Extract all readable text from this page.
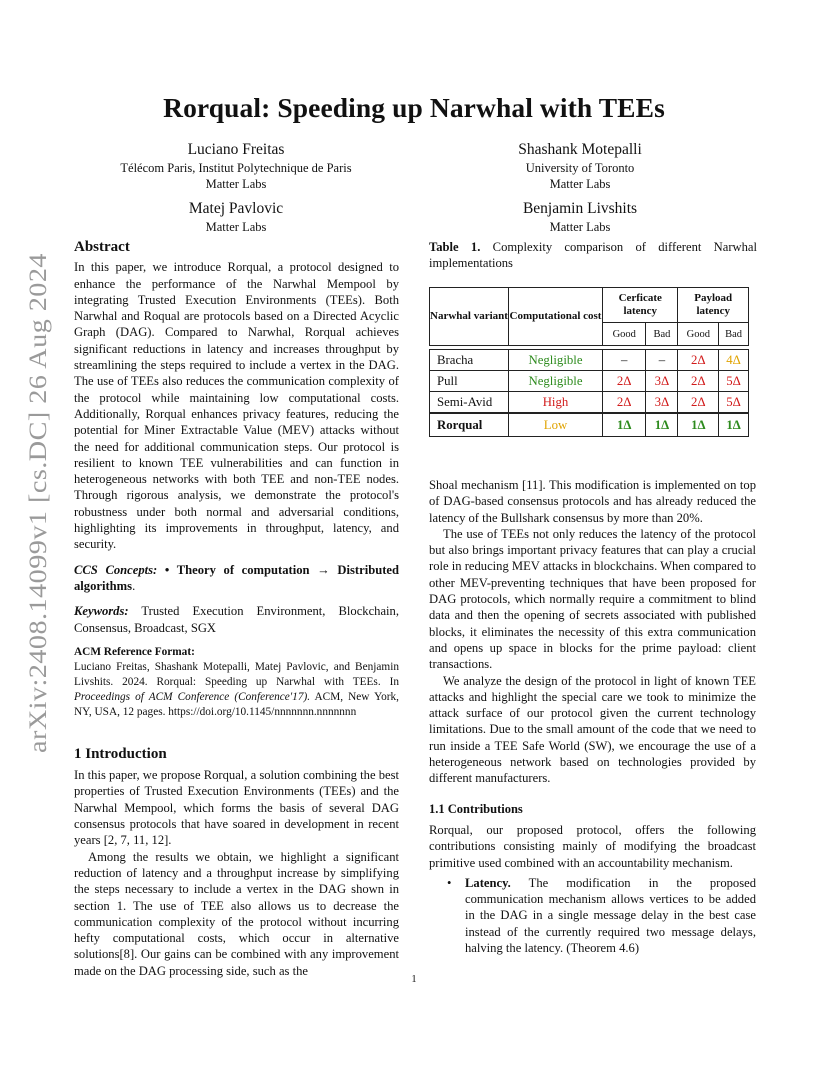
arXiv:2408.14099v1 [cs.DC] 26 Aug 2024
Rorqual: Speeding up Narwhal with TEEs
Luciano Freitas
Télécom Paris, Institut Polytechnique de Paris
Matter Labs
Shashank Motepalli
University of Toronto
Matter Labs
Matej Pavlovic
Matter Labs
Benjamin Livshits
Matter Labs
Abstract

In this paper, we introduce Rorqual, a protocol designed to enhance the performance of the Narwhal Mempool by integrating Trusted Execution Environments (TEEs). Both Narwhal and Roqual are protocols based on a Directed Acyclic Graph (DAG). Compared to Narwhal, Rorqual achieves significant reductions in latency and increases throughput by streamlining the steps required to include a vertex in the DAG. The use of TEEs also reduces the communication complexity of the protocol while maintaining low computational costs. Additionally, Rorqual enhances privacy features, reducing the potential for Miner Extractable Value (MEV) attacks without the need for additional communication steps. Our protocol is resilient to known TEE vulnerabilities and can function in heterogeneous networks with both TEE and non-TEE nodes. Through rigorous analysis, we demonstrate the protocol's robustness under both normal and adversarial conditions, highlighting its improvements in throughput, latency, and security.

CCS Concepts: • Theory of computation → Distributed algorithms.

Keywords: Trusted Execution Environment, Blockchain, Consensus, Broadcast, SGX

ACM Reference Format:
Luciano Freitas, Shashank Motepalli, Matej Pavlovic, and Benjamin Livshits. 2024. Rorqual: Speeding up Narwhal with TEEs. In Proceedings of ACM Conference (Conference'17). ACM, New York, NY, USA, 12 pages. https://doi.org/10.1145/nnnnnnn.nnnnnnn
1 Introduction

In this paper, we propose Rorqual, a solution combining the best properties of Trusted Execution Environments (TEEs) and the Narwhal Mempool, which forms the basis of several DAG consensus protocols that have soared in development in recent years [2, 7, 11, 12].

Among the results we obtain, we highlight a significant reduction of latency and a throughput increase by simplifying the steps necessary to include a vertex in the DAG shown in section 1. The use of TEE also allows us to decrease the communication complexity of the protocol without incurring hefty computational costs, which occur in alternative solutions[8]. Our gains can be combined with any improvement made on the DAG processing side, such as the

Table 1. Complexity comparison of different Narwhal implementations
Narwhal variant	Computational cost	Cerficate latency		Payload latency	
		Good	Bad	Good	Bad

Bracha	Negligible	–	–	2Δ	4Δ
Pull	Negligible	2Δ	3Δ	2Δ	5Δ
Semi-Avid	High	2Δ	3Δ	2Δ	5Δ
Rorqual	Low	1Δ	1Δ	1Δ	1Δ

Shoal mechanism [11]. This modification is implemented on top of DAG-based consensus protocols and has already reduced the latency of the Bullshark consensus by more than 20%.

The use of TEEs not only reduces the latency of the protocol but also brings important privacy features that can play a crucial role in reducing MEV attacks in blockchains. When compared to other MEV-preventing techniques that have been proposed for DAG protocols, which normally require a commitment to blind data and then the opening of secrets associated with published blocks, it eliminates the necessity of this extra communication and opens up space in blocks for the prime payload: client transactions.

We analyze the design of the protocol in light of known TEE attacks and highlight the special care we took to minimize the attack surface of our protocol given the current technology limitations. Due to the small amount of the code that we need to run inside a TEE Safe World (SW), we encourage the use of a heterogeneous network based on technologies provided by different manufacturers.

1.1 Contributions

Rorqual, our proposed protocol, offers the following contributions consisting mainly of modifying the broadcast primitive used combined with an accountability mechanism.

• Latency. The modification in the proposed communication mechanism allows vertices to be added in the DAG in a single message delay in the best case instead of the currently required two message delays, halving the latency. (Theorem 4.6)
1
